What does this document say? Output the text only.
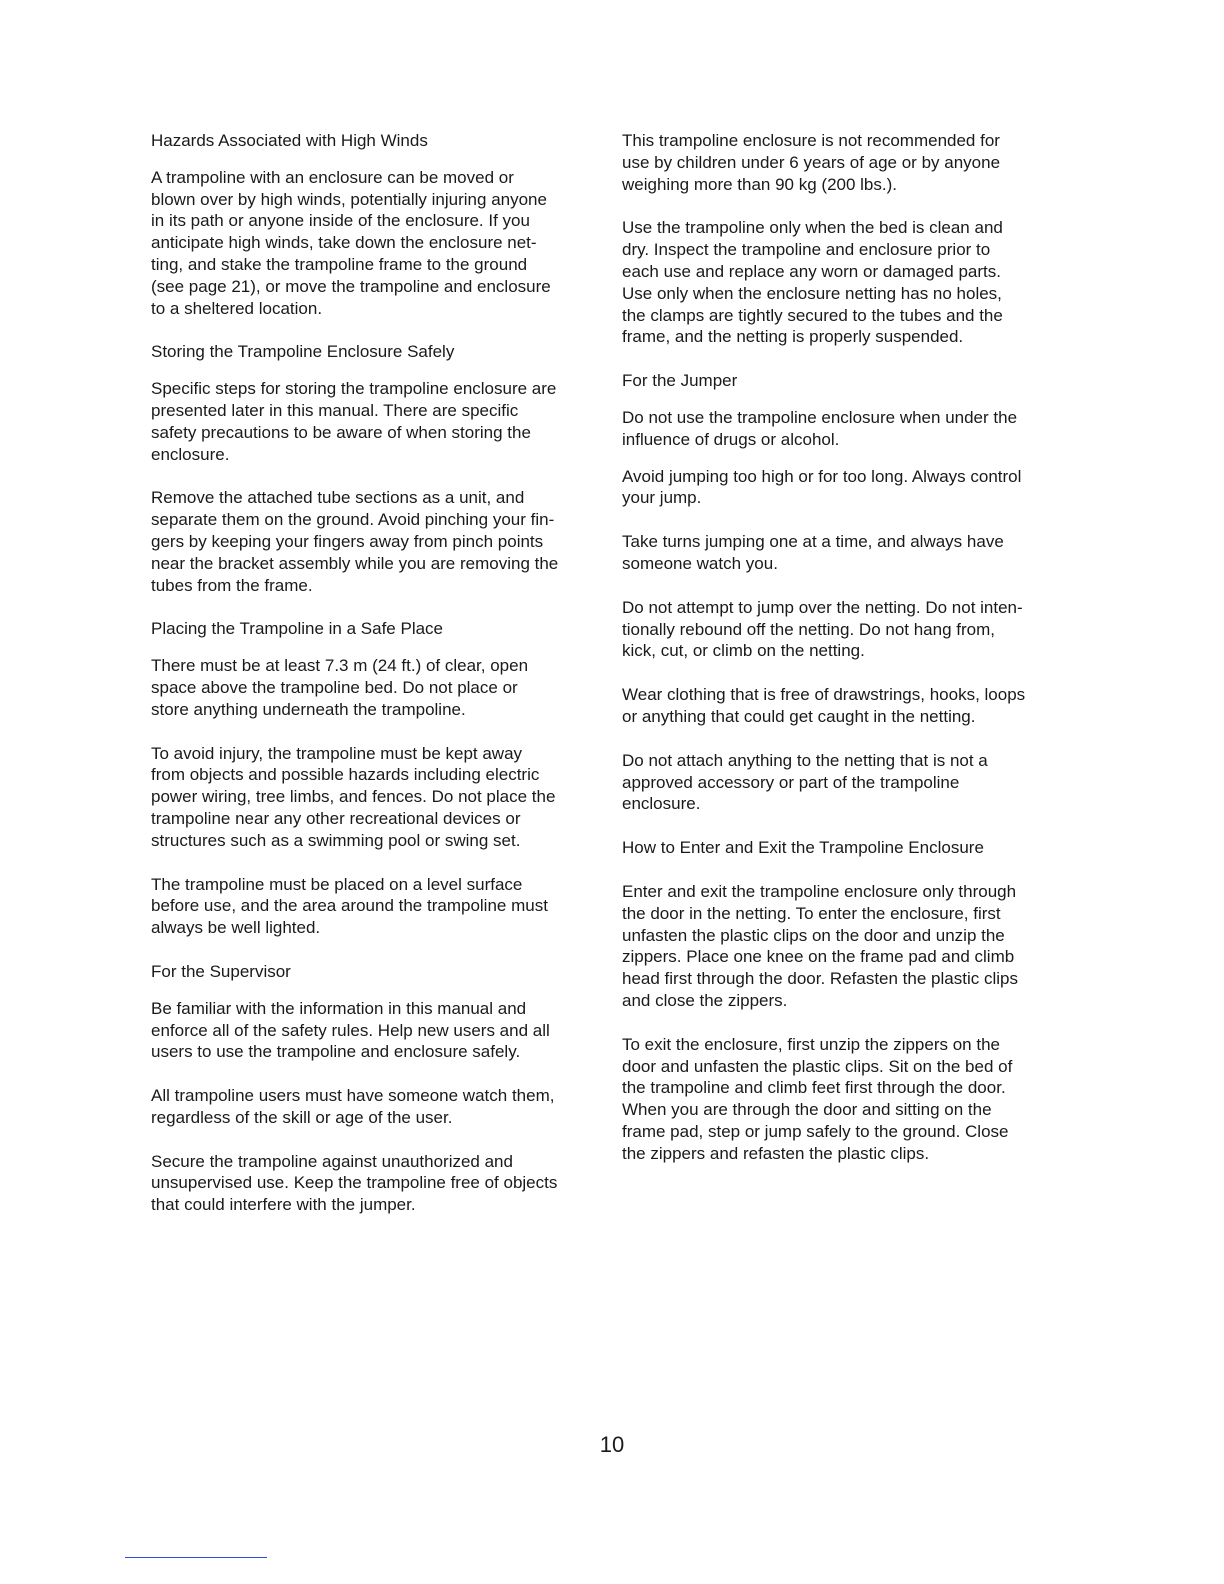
Hazards Associated with High Winds

A trampoline with an enclosure can be moved or
blown over by high winds, potentially injuring anyone
in its path or anyone inside of the enclosure. If you
anticipate high winds, take down the enclosure net-
ting, and stake the trampoline frame to the ground
(see page 21), or move the trampoline and enclosure
to a sheltered location.

Storing the Trampoline Enclosure Safely

Specific steps for storing the trampoline enclosure are
presented later in this manual. There are specific
safety precautions to be aware of when storing the
enclosure.

Remove the attached tube sections as a unit, and
separate them on the ground. Avoid pinching your fin-
gers by keeping your fingers away from pinch points
near the bracket assembly while you are removing the
tubes from the frame.

Placing the Trampoline in a Safe Place

There must be at least 7.3 m (24 ft.) of clear, open
space above the trampoline bed. Do not place or
store anything underneath the trampoline.

To avoid injury, the trampoline must be kept away
from objects and possible hazards including electric
power wiring, tree limbs, and fences. Do not place the
trampoline near any other recreational devices or
structures such as a swimming pool or swing set.

The trampoline must be placed on a level surface
before use, and the area around the trampoline must
always be well lighted.

For the Supervisor

Be familiar with the information in this manual and
enforce all of the safety rules. Help new users and all
users to use the trampoline and enclosure safely.

All trampoline users must have someone watch them,
regardless of the skill or age of the user.

Secure the trampoline against unauthorized and
unsupervised use. Keep the trampoline free of objects
that could interfere with the jumper.

This trampoline enclosure is not recommended for
use by children under 6 years of age or by anyone
weighing more than 90 kg (200 lbs.).

Use the trampoline only when the bed is clean and
dry. Inspect the trampoline and enclosure prior to
each use and replace any worn or damaged parts.
Use only when the enclosure netting has no holes,
the clamps are tightly secured to the tubes and the
frame, and the netting is properly suspended.

For the Jumper

Do not use the trampoline enclosure when under the
influence of drugs or alcohol.

Avoid jumping too high or for too long. Always control
your jump.

Take turns jumping one at a time, and always have
someone watch you.

Do not attempt to jump over the netting. Do not inten-
tionally rebound off the netting. Do not hang from,
kick, cut, or climb on the netting.

Wear clothing that is free of drawstrings, hooks, loops
or anything that could get caught in the netting.

Do not attach anything to the netting that is not a
approved accessory or part of the trampoline
enclosure.

How to Enter and Exit the Trampoline Enclosure

Enter and exit the trampoline enclosure only through
the door in the netting. To enter the enclosure, first
unfasten the plastic clips on the door and unzip the
zippers. Place one knee on the frame pad and climb
head first through the door. Refasten the plastic clips
and close the zippers.

To exit the enclosure, first unzip the zippers on the
door and unfasten the plastic clips. Sit on the bed of
the trampoline and climb feet first through the door.
When you are through the door and sitting on the
frame pad, step or jump safely to the ground. Close
the zippers and refasten the plastic clips.

10
